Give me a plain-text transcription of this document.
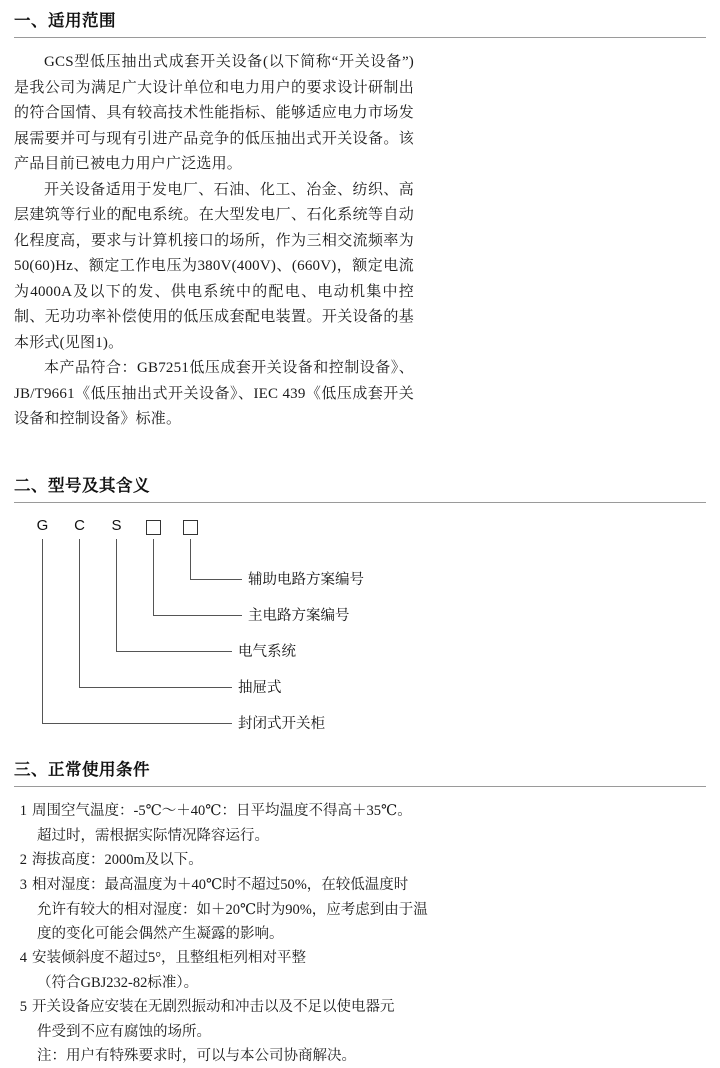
一、适用范围

GCS型低压抽出式成套开关设备(以下简称“开关设备”)是我公司为满足广大设计单位和电力用户的要求设计研制出的符合国情、具有较高技术性能指标、能够适应电力市场发展需要并可与现有引进产品竞争的低压抽出式开关设备。该产品目前已被电力用户广泛选用。

开关设备适用于发电厂、石油、化工、冶金、纺织、高层建筑等行业的配电系统。在大型发电厂、石化系统等自动化程度高，要求与计算机接口的场所，作为三相交流频率为50(60)Hz、额定工作电压为380V(400V)、(660V)，额定电流为4000A及以下的发、供电系统中的配电、电动机集中控制、无功功率补偿使用的低压成套配电装置。开关设备的基本形式(见图1)。

本产品符合：GB7251低压成套开关设备和控制设备》、JB/T9661《低压抽出式开关设备》、IEC 439《低压成套开关设备和控制设备》标准。

二、型号及其含义
G	C	S
辅助电路方案编号
主电路方案编号
电气系统
抽屉式
封闭式开关柜
三、正常使用条件
1 周围空气温度：-5℃～＋40℃：日平均温度不得高＋35℃。
超过时，需根据实际情况降容运行。
2 海拔高度：2000m及以下。
3 相对湿度：最高温度为＋40℃时不超过50%，在较低温度时
允许有较大的相对湿度：如＋20℃时为90%，应考虑到由于温度的变化可能会偶然产生凝露的影响。
4 安装倾斜度不超过5°，且整组柜列相对平整
（符合GBJ232-82标准）。
5 开关设备应安装在无剧烈振动和冲击以及不足以使电器元
件受到不应有腐蚀的场所。
注：用户有特殊要求时，可以与本公司协商解决。
